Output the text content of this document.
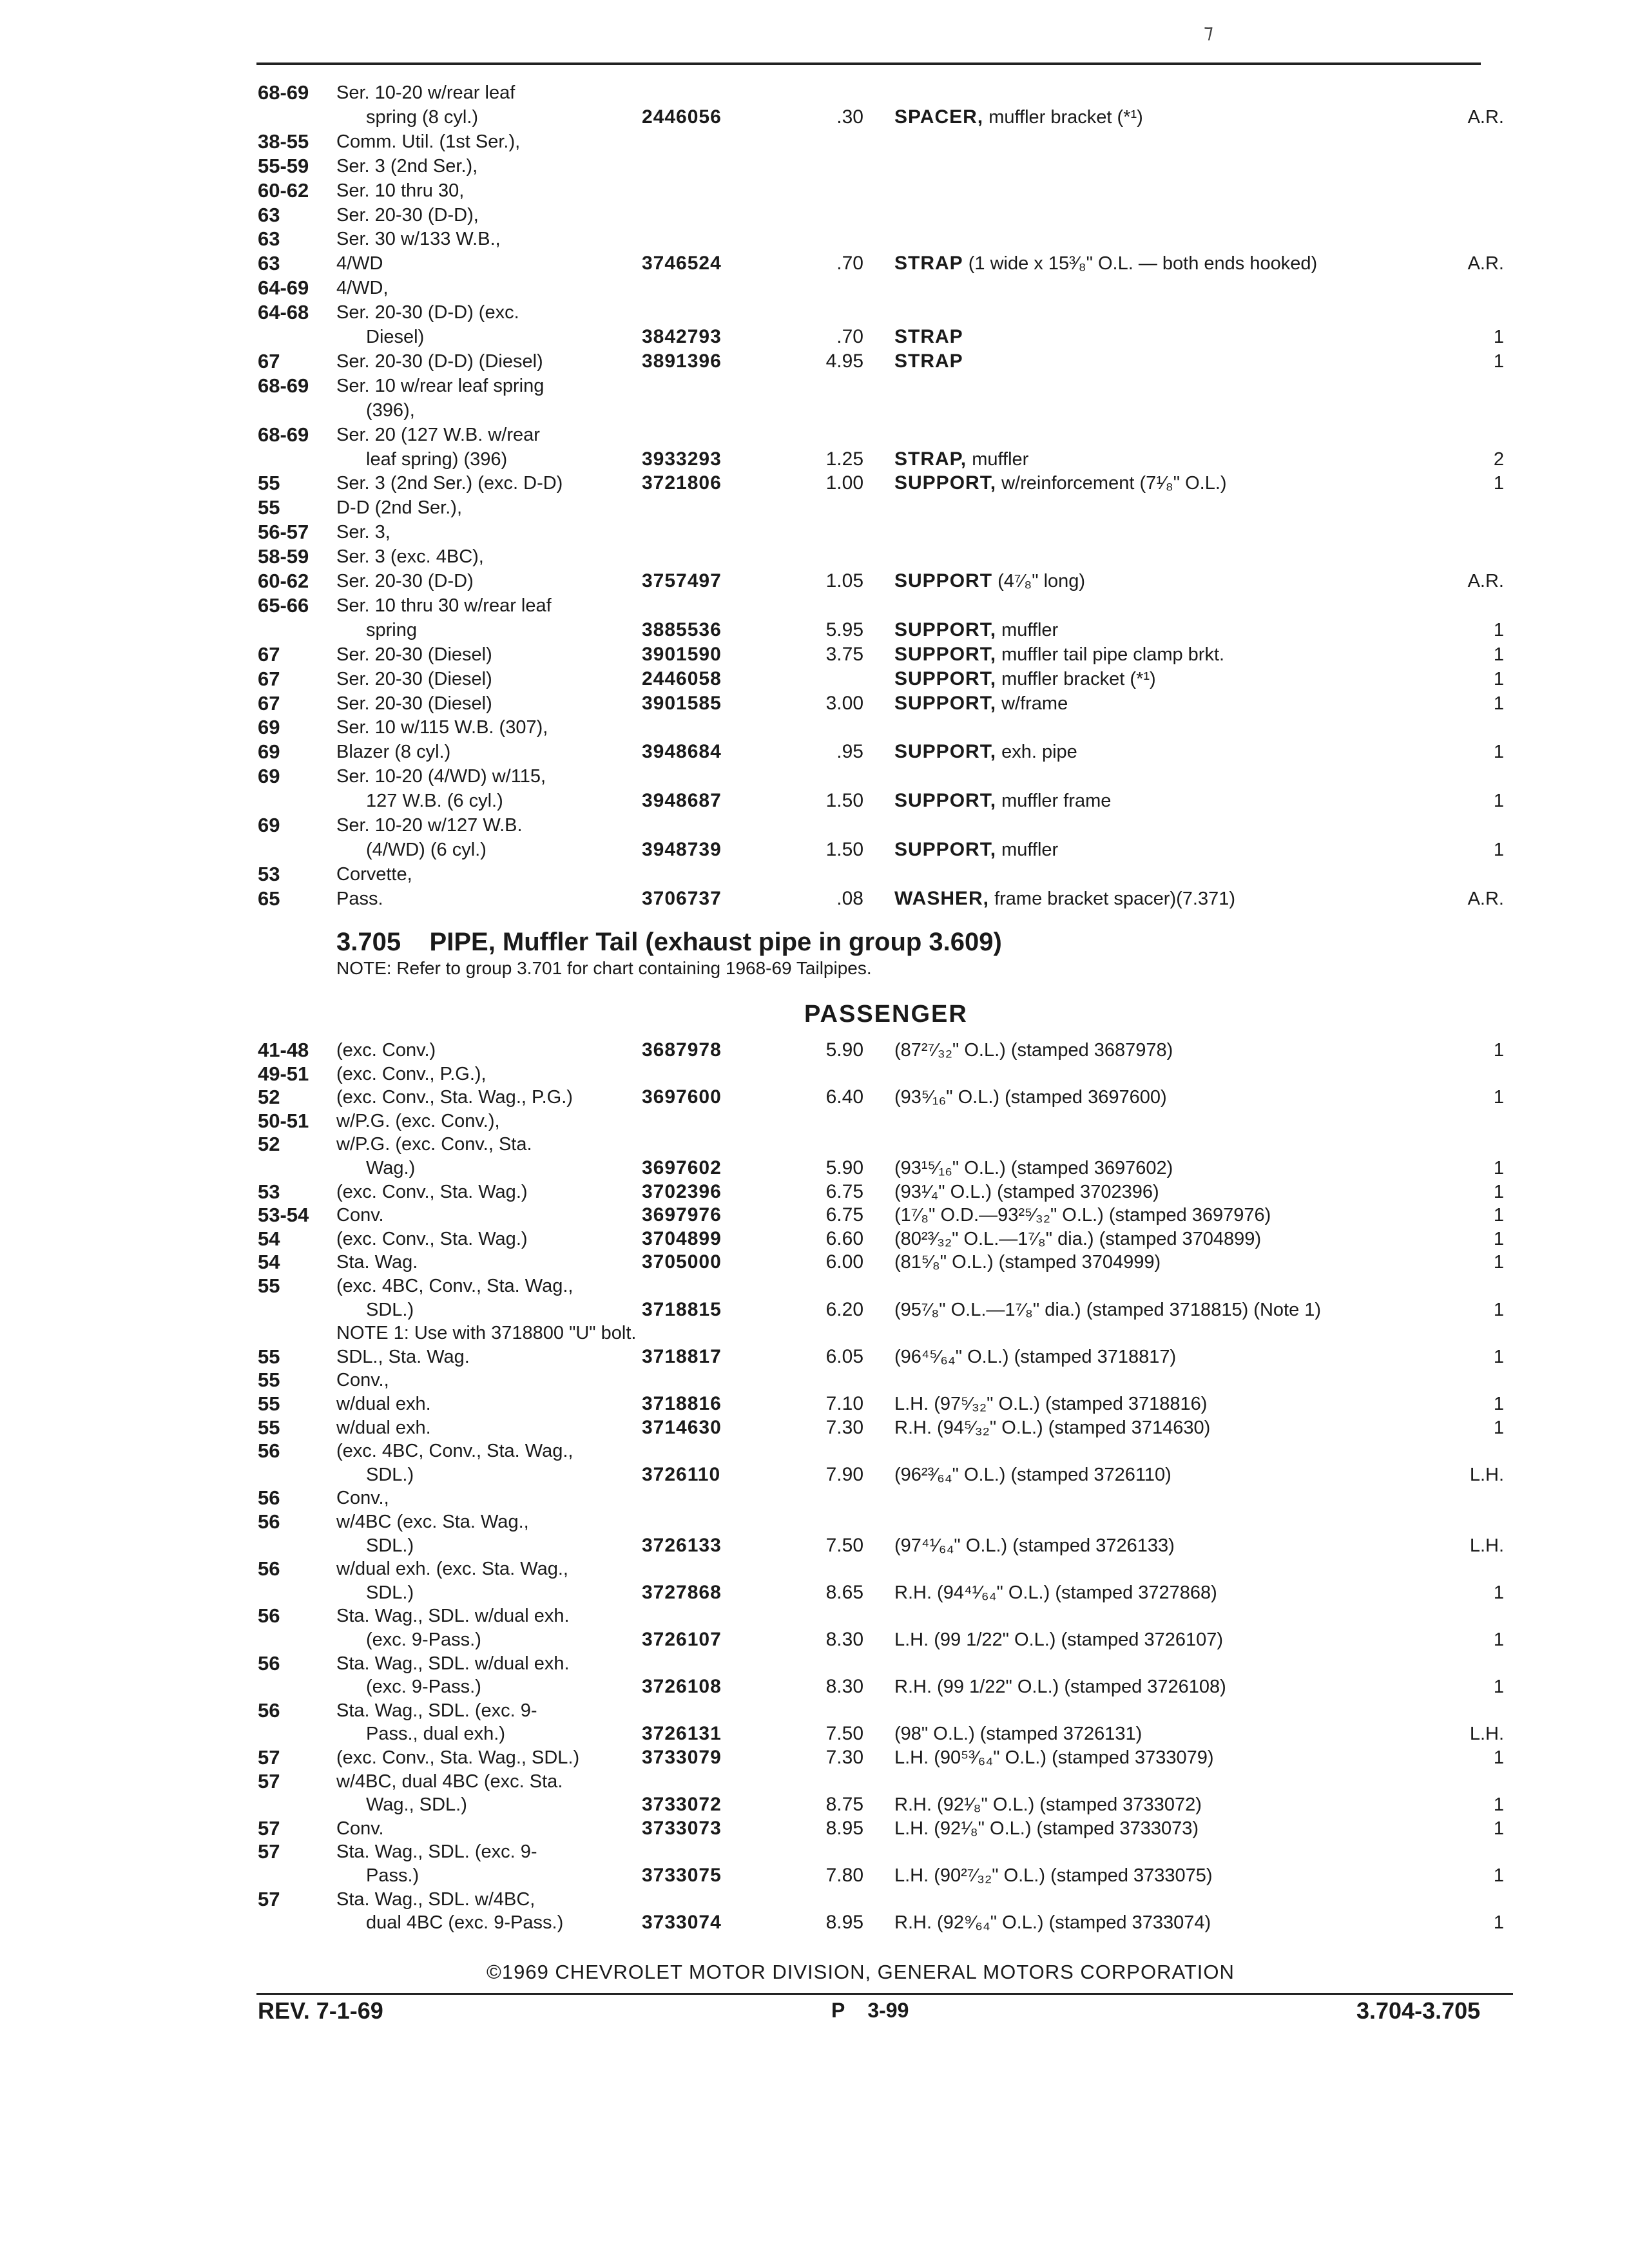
⁊
68-69 Ser. 10-20 w/rear leaf
spring (8 cyl.)	2446056	.30 SPACER, muffler bracket (*¹)	A.R.
38-55 Comm. Util. (1st Ser.),
55-59 Ser. 3 (2nd Ser.),
60-62 Ser. 10 thru 30,
63	Ser. 20-30 (D-D),
63	Ser. 30 w/133 W.B.,
63	4/WD	3746524	.70 STRAP (1 wide x 15³⁄₈" O.L. — both ends hooked)	A.R.
64-69 4/WD,
64-68 Ser. 20-30 (D-D) (exc.
Diesel)	3842793	.70 STRAP	1
67	Ser. 20-30 (D-D) (Diesel)	3891396	4.95 STRAP	1
68-69 Ser. 10 w/rear leaf spring
(396),
68-69 Ser. 20 (127 W.B. w/rear
leaf spring) (396)	3933293	1.25 STRAP, muffler	2
55	Ser. 3 (2nd Ser.) (exc. D-D)	3721806	1.00 SUPPORT, w/reinforcement (7¹⁄₈" O.L.)	1
55	D-D (2nd Ser.),
56-57 Ser. 3,
58-59 Ser. 3 (exc. 4BC),
60-62 Ser. 20-30 (D-D)	3757497	1.05 SUPPORT (4⁷⁄₈" long)	A.R.
65-66 Ser. 10 thru 30 w/rear leaf
spring	3885536	5.95 SUPPORT, muffler	1
67	Ser. 20-30 (Diesel)	3901590	3.75 SUPPORT, muffler tail pipe clamp brkt.	1
67	Ser. 20-30 (Diesel)	2446058	SUPPORT, muffler bracket (*¹)	1
67	Ser. 20-30 (Diesel)	3901585	3.00 SUPPORT, w/frame	1
69	Ser. 10 w/115 W.B. (307),
69	Blazer (8 cyl.)	3948684	.95 SUPPORT, exh. pipe	1
69	Ser. 10-20 (4/WD) w/115,
127 W.B. (6 cyl.)	3948687	1.50 SUPPORT, muffler frame	1
69	Ser. 10-20 w/127 W.B.
(4/WD) (6 cyl.)	3948739	1.50 SUPPORT, muffler	1
53	Corvette,
65	Pass.	3706737	.08 WASHER, frame bracket spacer)(7.371)	A.R.
3.705    PIPE, Muffler Tail (exhaust pipe in group 3.609)
NOTE: Refer to group 3.701 for chart containing 1968-69 Tailpipes.
PASSENGER
41-48 (exc. Conv.)	3687978	5.90 (87²⁷⁄₃₂" O.L.) (stamped 3687978)	1
49-51 (exc. Conv., P.G.),
52	(exc. Conv., Sta. Wag., P.G.)	3697600	6.40 (93⁵⁄₁₆" O.L.) (stamped 3697600)	1
50-51 w/P.G. (exc. Conv.),
52	w/P.G. (exc. Conv., Sta.
Wag.)	3697602	5.90 (93¹⁵⁄₁₆" O.L.) (stamped 3697602)	1
53	(exc. Conv., Sta. Wag.)	3702396	6.75 (93¹⁄₄" O.L.) (stamped 3702396)	1
53-54 Conv.	3697976	6.75 (1⁷⁄₈" O.D.—93²⁵⁄₃₂" O.L.) (stamped 3697976)	1
54	(exc. Conv., Sta. Wag.)	3704899	6.60 (80²³⁄₃₂" O.L.—1⁷⁄₈" dia.) (stamped 3704899)	1
54	Sta. Wag.	3705000	6.00 (81⁵⁄₈" O.L.) (stamped 3704999)	1
55	(exc. 4BC, Conv., Sta. Wag.,
SDL.)	3718815	6.20 (95⁷⁄₈" O.L.—1⁷⁄₈" dia.) (stamped 3718815) (Note 1)	1
NOTE 1: Use with 3718800 "U" bolt.
55	SDL., Sta. Wag.	3718817	6.05 (96⁴⁵⁄₆₄" O.L.) (stamped 3718817)	1
55	Conv.,
55	w/dual exh.	3718816	7.10 L.H. (97⁵⁄₃₂" O.L.) (stamped 3718816)	1
55	w/dual exh.	3714630	7.30 R.H. (94⁵⁄₃₂" O.L.) (stamped 3714630)	1
56	(exc. 4BC, Conv., Sta. Wag.,
SDL.)	3726110	7.90 (96²³⁄₆₄" O.L.) (stamped 3726110)	L.H.
56	Conv.,
56	w/4BC (exc. Sta. Wag.,
SDL.)	3726133	7.50 (97⁴¹⁄₆₄" O.L.) (stamped 3726133)	L.H.
56	w/dual exh. (exc. Sta. Wag.,
SDL.)	3727868	8.65 R.H. (94⁴¹⁄₆₄" O.L.) (stamped 3727868)	1
56	Sta. Wag., SDL. w/dual exh.
(exc. 9-Pass.)	3726107	8.30 L.H. (99 1/22" O.L.) (stamped 3726107)	1
56	Sta. Wag., SDL. w/dual exh.
(exc. 9-Pass.)	3726108	8.30 R.H. (99 1/22" O.L.) (stamped 3726108)	1
56	Sta. Wag., SDL. (exc. 9-
Pass., dual exh.)	3726131	7.50 (98" O.L.) (stamped 3726131)	L.H.
57	(exc. Conv., Sta. Wag., SDL.)	3733079	7.30 L.H. (90⁵³⁄₆₄" O.L.) (stamped 3733079)	1
57	w/4BC, dual 4BC (exc. Sta.
Wag., SDL.)	3733072	8.75 R.H. (92¹⁄₈" O.L.) (stamped 3733072)	1
57	Conv.	3733073	8.95 L.H. (92¹⁄₈" O.L.) (stamped 3733073)	1
57	Sta. Wag., SDL. (exc. 9-
Pass.)	3733075	7.80 L.H. (90²⁷⁄₃₂" O.L.) (stamped 3733075)	1
57	Sta. Wag., SDL. w/4BC,
dual 4BC (exc. 9-Pass.)	3733074	8.95 R.H. (92⁹⁄₆₄" O.L.) (stamped 3733074)	1
©1969 CHEVROLET MOTOR DIVISION, GENERAL MOTORS CORPORATION
REV. 7-1-69	P    3-99	3.704-3.705
